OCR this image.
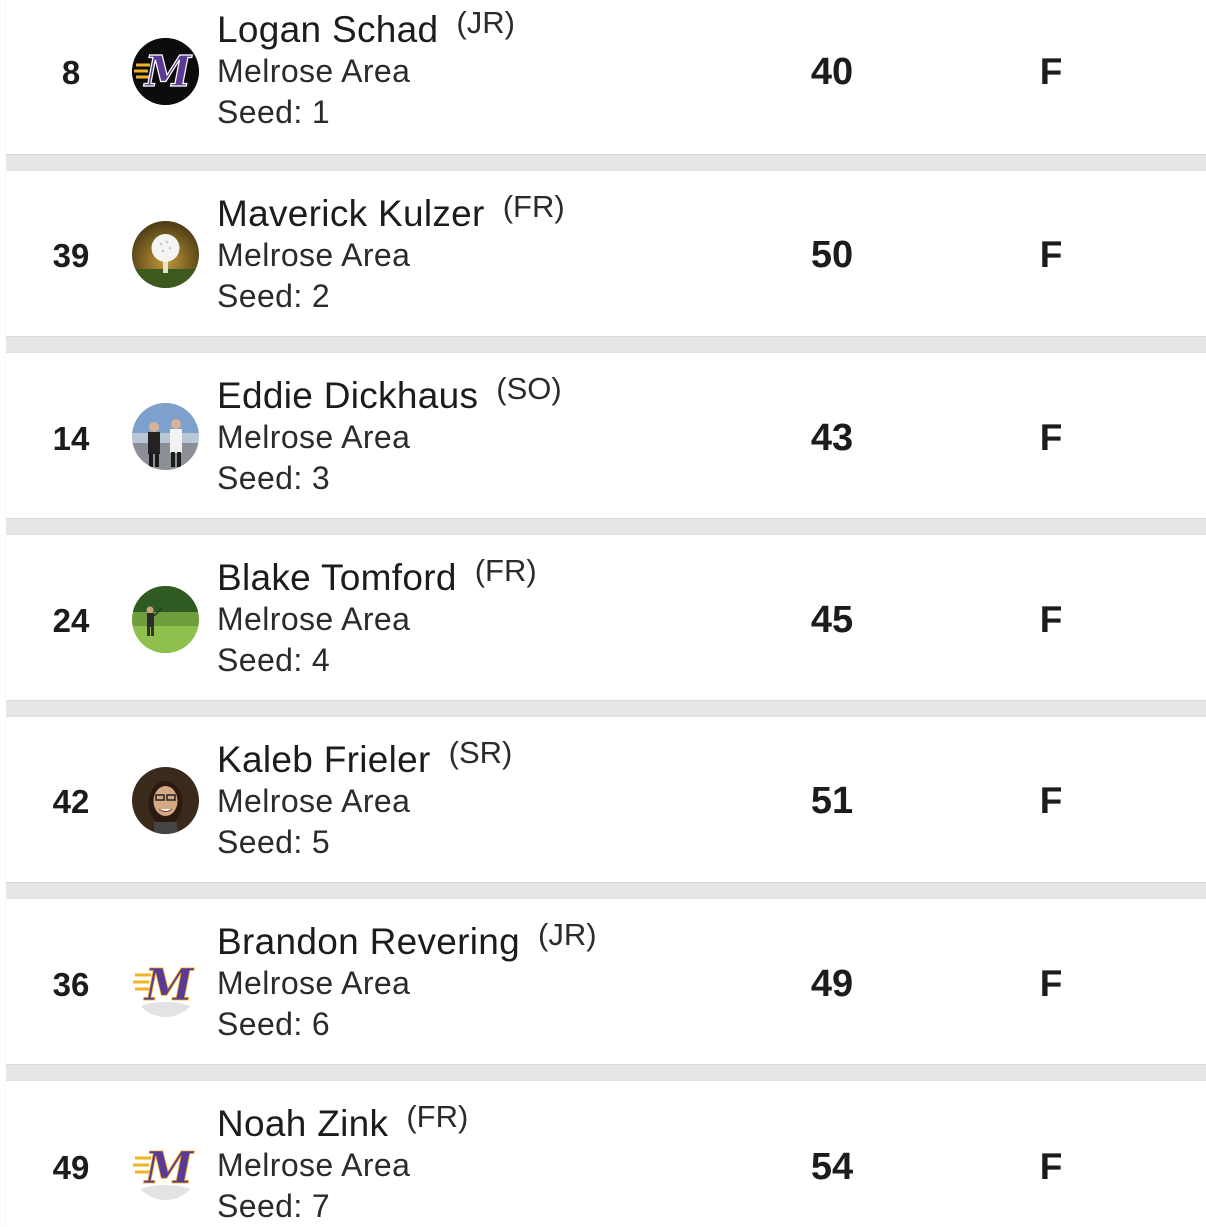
8	M
Logan Schad (JR)
Melrose Area
Seed: 1
40	F
39
Maverick Kulzer (FR)
Melrose Area
Seed: 2
50	F
14
Eddie Dickhaus (SO)
Melrose Area
Seed: 3
43	F
24
Blake Tomford (FR)
Melrose Area
Seed: 4
45	F
42
Kaleb Frieler (SR)
Melrose Area
Seed: 5
51	F
36	M
Brandon Revering (JR)
Melrose Area
Seed: 6
49	F
49	M
Noah Zink (FR)
Melrose Area
Seed: 7
54	F
